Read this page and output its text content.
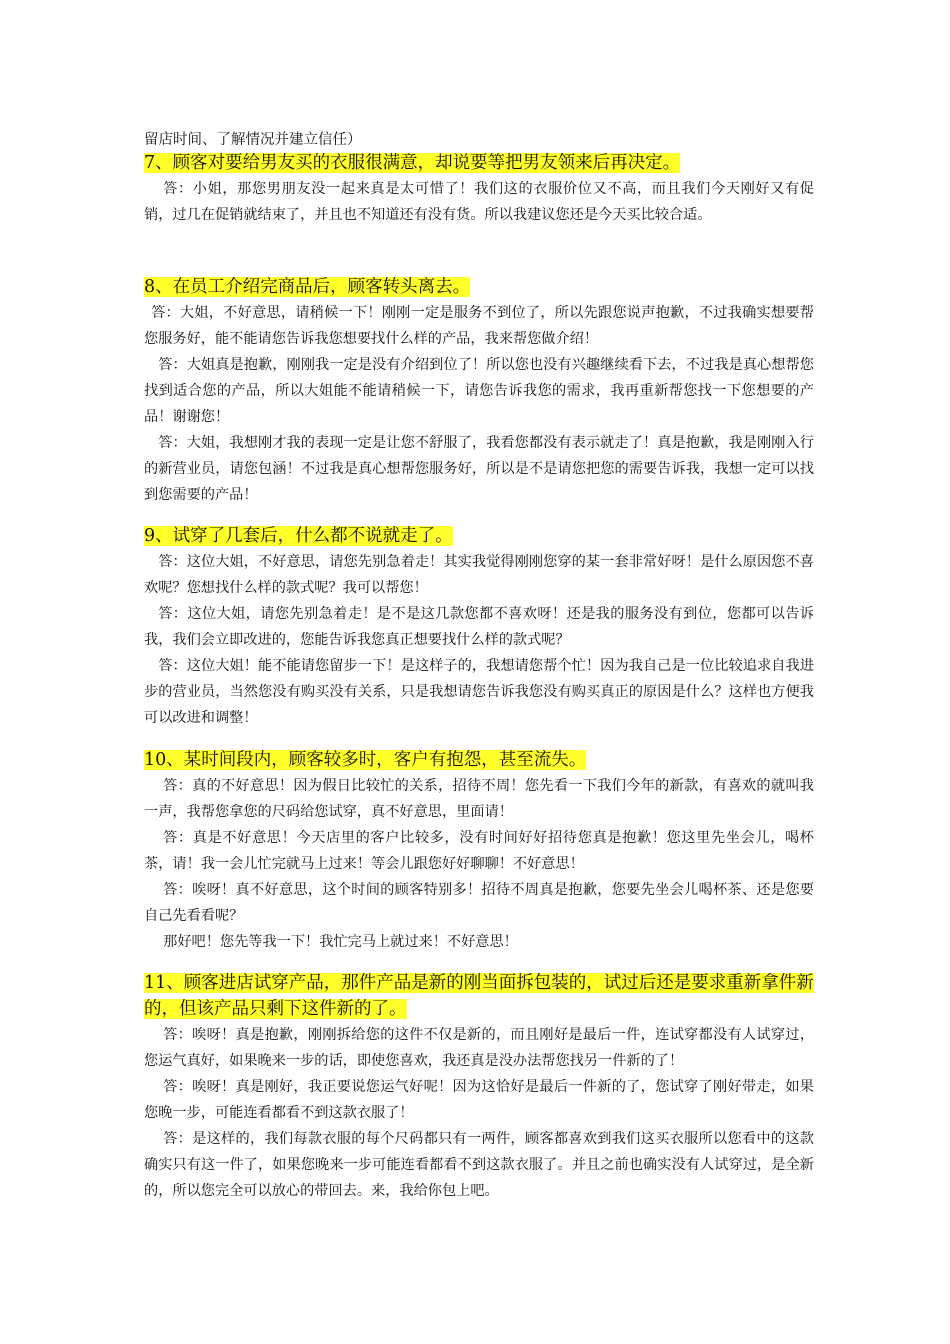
留店时间、了解情况并建立信任）
7、顾客对要给男友买的衣服很满意，却说要等把男友领来后再决定。

答：小姐，那您男朋友没一起来真是太可惜了！我们这的衣服价位又不高，而且我们今天刚好又有促销，过几在促销就结束了，并且也不知道还有没有货。所以我建议您还是今天买比较合适。

8、在员工介绍完商品后，顾客转头离去。

答：大姐，不好意思，请稍候一下！刚刚一定是服务不到位了，所以先跟您说声抱歉，不过我确实想要帮您服务好，能不能请您告诉我您想要找什么样的产品，我来帮您做介绍！

答：大姐真是抱歉，刚刚我一定是没有介绍到位了！所以您也没有兴趣继续看下去，不过我是真心想帮您找到适合您的产品，所以大姐能不能请稍候一下，请您告诉我您的需求，我再重新帮您找一下您想要的产品！谢谢您！

答：大姐，我想刚才我的表现一定是让您不舒服了，我看您都没有表示就走了！真是抱歉，我是刚刚入行的新营业员，请您包涵！不过我是真心想帮您服务好，所以是不是请您把您的需要告诉我，我想一定可以找到您需要的产品！

9、试穿了几套后，什么都不说就走了。

答：这位大姐，不好意思，请您先别急着走！其实我觉得刚刚您穿的某一套非常好呀！是什么原因您不喜欢呢？您想找什么样的款式呢？我可以帮您！

答：这位大姐，请您先别急着走！是不是这几款您都不喜欢呀！还是我的服务没有到位，您都可以告诉我，我们会立即改进的，您能告诉我您真正想要找什么样的款式呢？

答：这位大姐！能不能请您留步一下！是这样子的，我想请您帮个忙！因为我自己是一位比较追求自我进步的营业员，当然您没有购买没有关系，只是我想请您告诉我您没有购买真正的原因是什么？这样也方便我可以改进和调整！

10、某时间段内，顾客较多时，客户有抱怨，甚至流失。

答：真的不好意思！因为假日比较忙的关系，招待不周！您先看一下我们今年的新款，有喜欢的就叫我一声，我帮您拿您的尺码给您试穿，真不好意思，里面请！

答：真是不好意思！今天店里的客户比较多，没有时间好好招待您真是抱歉！您这里先坐会儿，喝杯茶，请！我一会儿忙完就马上过来！等会儿跟您好好聊聊！不好意思！

答：唉呀！真不好意思，这个时间的顾客特别多！招待不周真是抱歉，您要先坐会儿喝杯茶、还是您要自己先看看呢？

那好吧！您先等我一下！我忙完马上就过来！不好意思！

11、顾客进店试穿产品，那件产品是新的刚当面拆包装的，试过后还是要求重新拿件新的，但该产品只剩下这件新的了。

答：唉呀！真是抱歉，刚刚拆给您的这件不仅是新的，而且刚好是最后一件，连试穿都没有人试穿过，您运气真好，如果晚来一步的话，即使您喜欢，我还真是没办法帮您找另一件新的了！

答：唉呀！真是刚好，我正要说您运气好呢！因为这恰好是最后一件新的了，您试穿了刚好带走，如果您晚一步，可能连看都看不到这款衣服了！

答：是这样的，我们每款衣服的每个尺码都只有一两件，顾客都喜欢到我们这买衣服所以您看中的这款确实只有这一件了，如果您晚来一步可能连看都看不到这款衣服了。并且之前也确实没有人试穿过，是全新的，所以您完全可以放心的带回去。来，我给你包上吧。
